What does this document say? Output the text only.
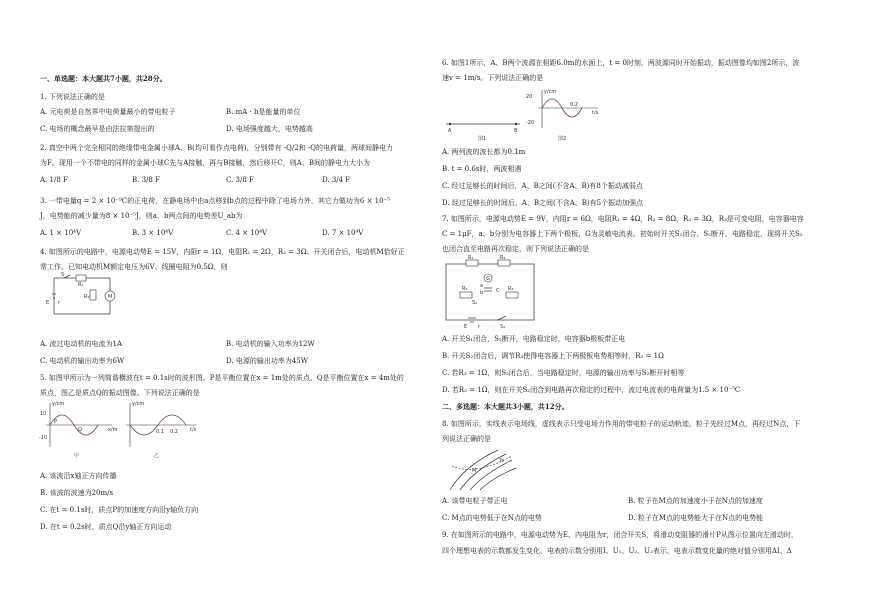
一、单选题：本大题共7小题，共28分。
1. 下列说法正确的是
A. 元电荷是自然界中电荷量最小的带电粒子	B. mA · h是能量的单位
C. 电场的概念最早是由法拉第提出的	D. 电场强度越大，电势越高
2. 真空中两个完全相同的绝缘带电金属小球A、B(均可看作点电荷)，分别带有 -Q/2和 -Q的电荷量，两球间静电力
为F。现用一个不带电的同样的金属小球C先与A接触，再与B接触，然后移开C，则A、B间的静电力大小为
A. 1/8 F	B. 3/8 F	C. 3/8 F	D. 3/4 F
3. 一带电量q = 2 × 10⁻⁹C的正电荷，在静电场中由a点移到b点的过程中除了电场力外，其它力做功为6 × 10⁻⁵
J，电势能的减少量为8 × 10⁻⁵J，则a、b两点间的电势差U_ab为
A. 1 × 10⁴V	B. 3 × 10⁴V	C. 4 × 10⁴V	D. 7 × 10⁴V
4. 如图所示的电路中，电源电动势E = 15V，内阻r = 1Ω，电阻R₁ = 2Ω，R₂ = 3Ω。开关闭合后，电动机M恰好正
常工作。已知电动机M额定电压为6V、线圈电阻为0.5Ω，则
S
R₁
R₂	M
E r
A. 流过电动机的电流为1A	B. 电动机的输入功率为12W
C. 电动机的输出功率为6W	D. 电源的输出功率为45W
5. 如图甲所示为一列简谐横波在t = 0.1s时的波形图。P是平衡位置在x = 1m处的质点，Q是平衡位置在x = 4m处的
质点，图乙是质点Q的振动图像。下列说法正确的是
y/cm
x/m
10
-10
P
Q
甲
y/cm
t/s
0.1 0.2
乙
A. 该波沿x轴正方向传播
B. 该波的波速为20m/s
C. 在t = 0.1s时，质点P的加速度方向沿y轴负方向
D. 在t = 0.2s时，质点Q沿y轴正方向运动
6. 如图1所示，A、B两个波源在相距6.0m的水面上，t = 0时刻，两波源同时开始振动，振动图像均如图2所示，波
速v = 1m/s。下列说法正确的是
A	B
图1
y/cm
20
-20
0.2
t/s
图2
A. 两列波的波长都为0.1m
B. t = 0.6s时，两波相遇
C. 经过足够长的时间后，A、B之间(不含A、B)有8个振动减弱点
D. 经过足够长的时间后，A、B之间(不含A、B)有5个振动加强点
7. 如图所示，电源电动势E = 9V，内阻r = 6Ω，电阻R₁ = 4Ω，R₂ = 8Ω，R₃ = 3Ω，R₃是可变电阻，电容器电容
C = 1μF，a、b分别为电容器上下两个极板，G为灵敏电流表。初始时开关S₁闭合、S₂断开，电路稳定，现将开关S₂
也闭合直至电路再次稳定，则下列说法正确的是
R₁	R₂
G
a
b	C
R₃	R₄
S₂
E r	S₁
A. 开关S₁闭合，S₂断开，电路稳定时，电容器b极板带正电
B. 开关S₂闭合后，调节R₃使得电容器上下两极板电势相等时，R₃ = 1Ω
C. 若R₃ = 1Ω，则S₂闭合后，当电路稳定时，电源的输出功率与S₂断开时相等
D. 若R₃ = 1Ω，则在开关S₂闭合到电路再次稳定的过程中，流过电流表的电荷量为1.5 × 10⁻⁵C
二、多选题：本大题共3小题，共12分。
8. 如图所示，实线表示电场线，虚线表示只受电场力作用的带电粒子的运动轨迹。粒子先经过M点，再经过N点，下
列说法正确的是
M
N
A. 该带电粒子带正电	B. 粒子在M点的加速度小于在N点的加速度
C. M点的电势低于在N点的电势	D. 粒子在M点的电势能大于在N点的电势能
9. 在如图所示的电路中，电源电动势为E、内电阻为r，闭合开关S，将滑动变阻器的滑片P从图示位置向左滑动时，
四个理想电表的示数都发生变化，电表的示数分别用I、U₁、U₂、U₃表示，电表示数变化量的绝对值分别用ΔI、Δ
